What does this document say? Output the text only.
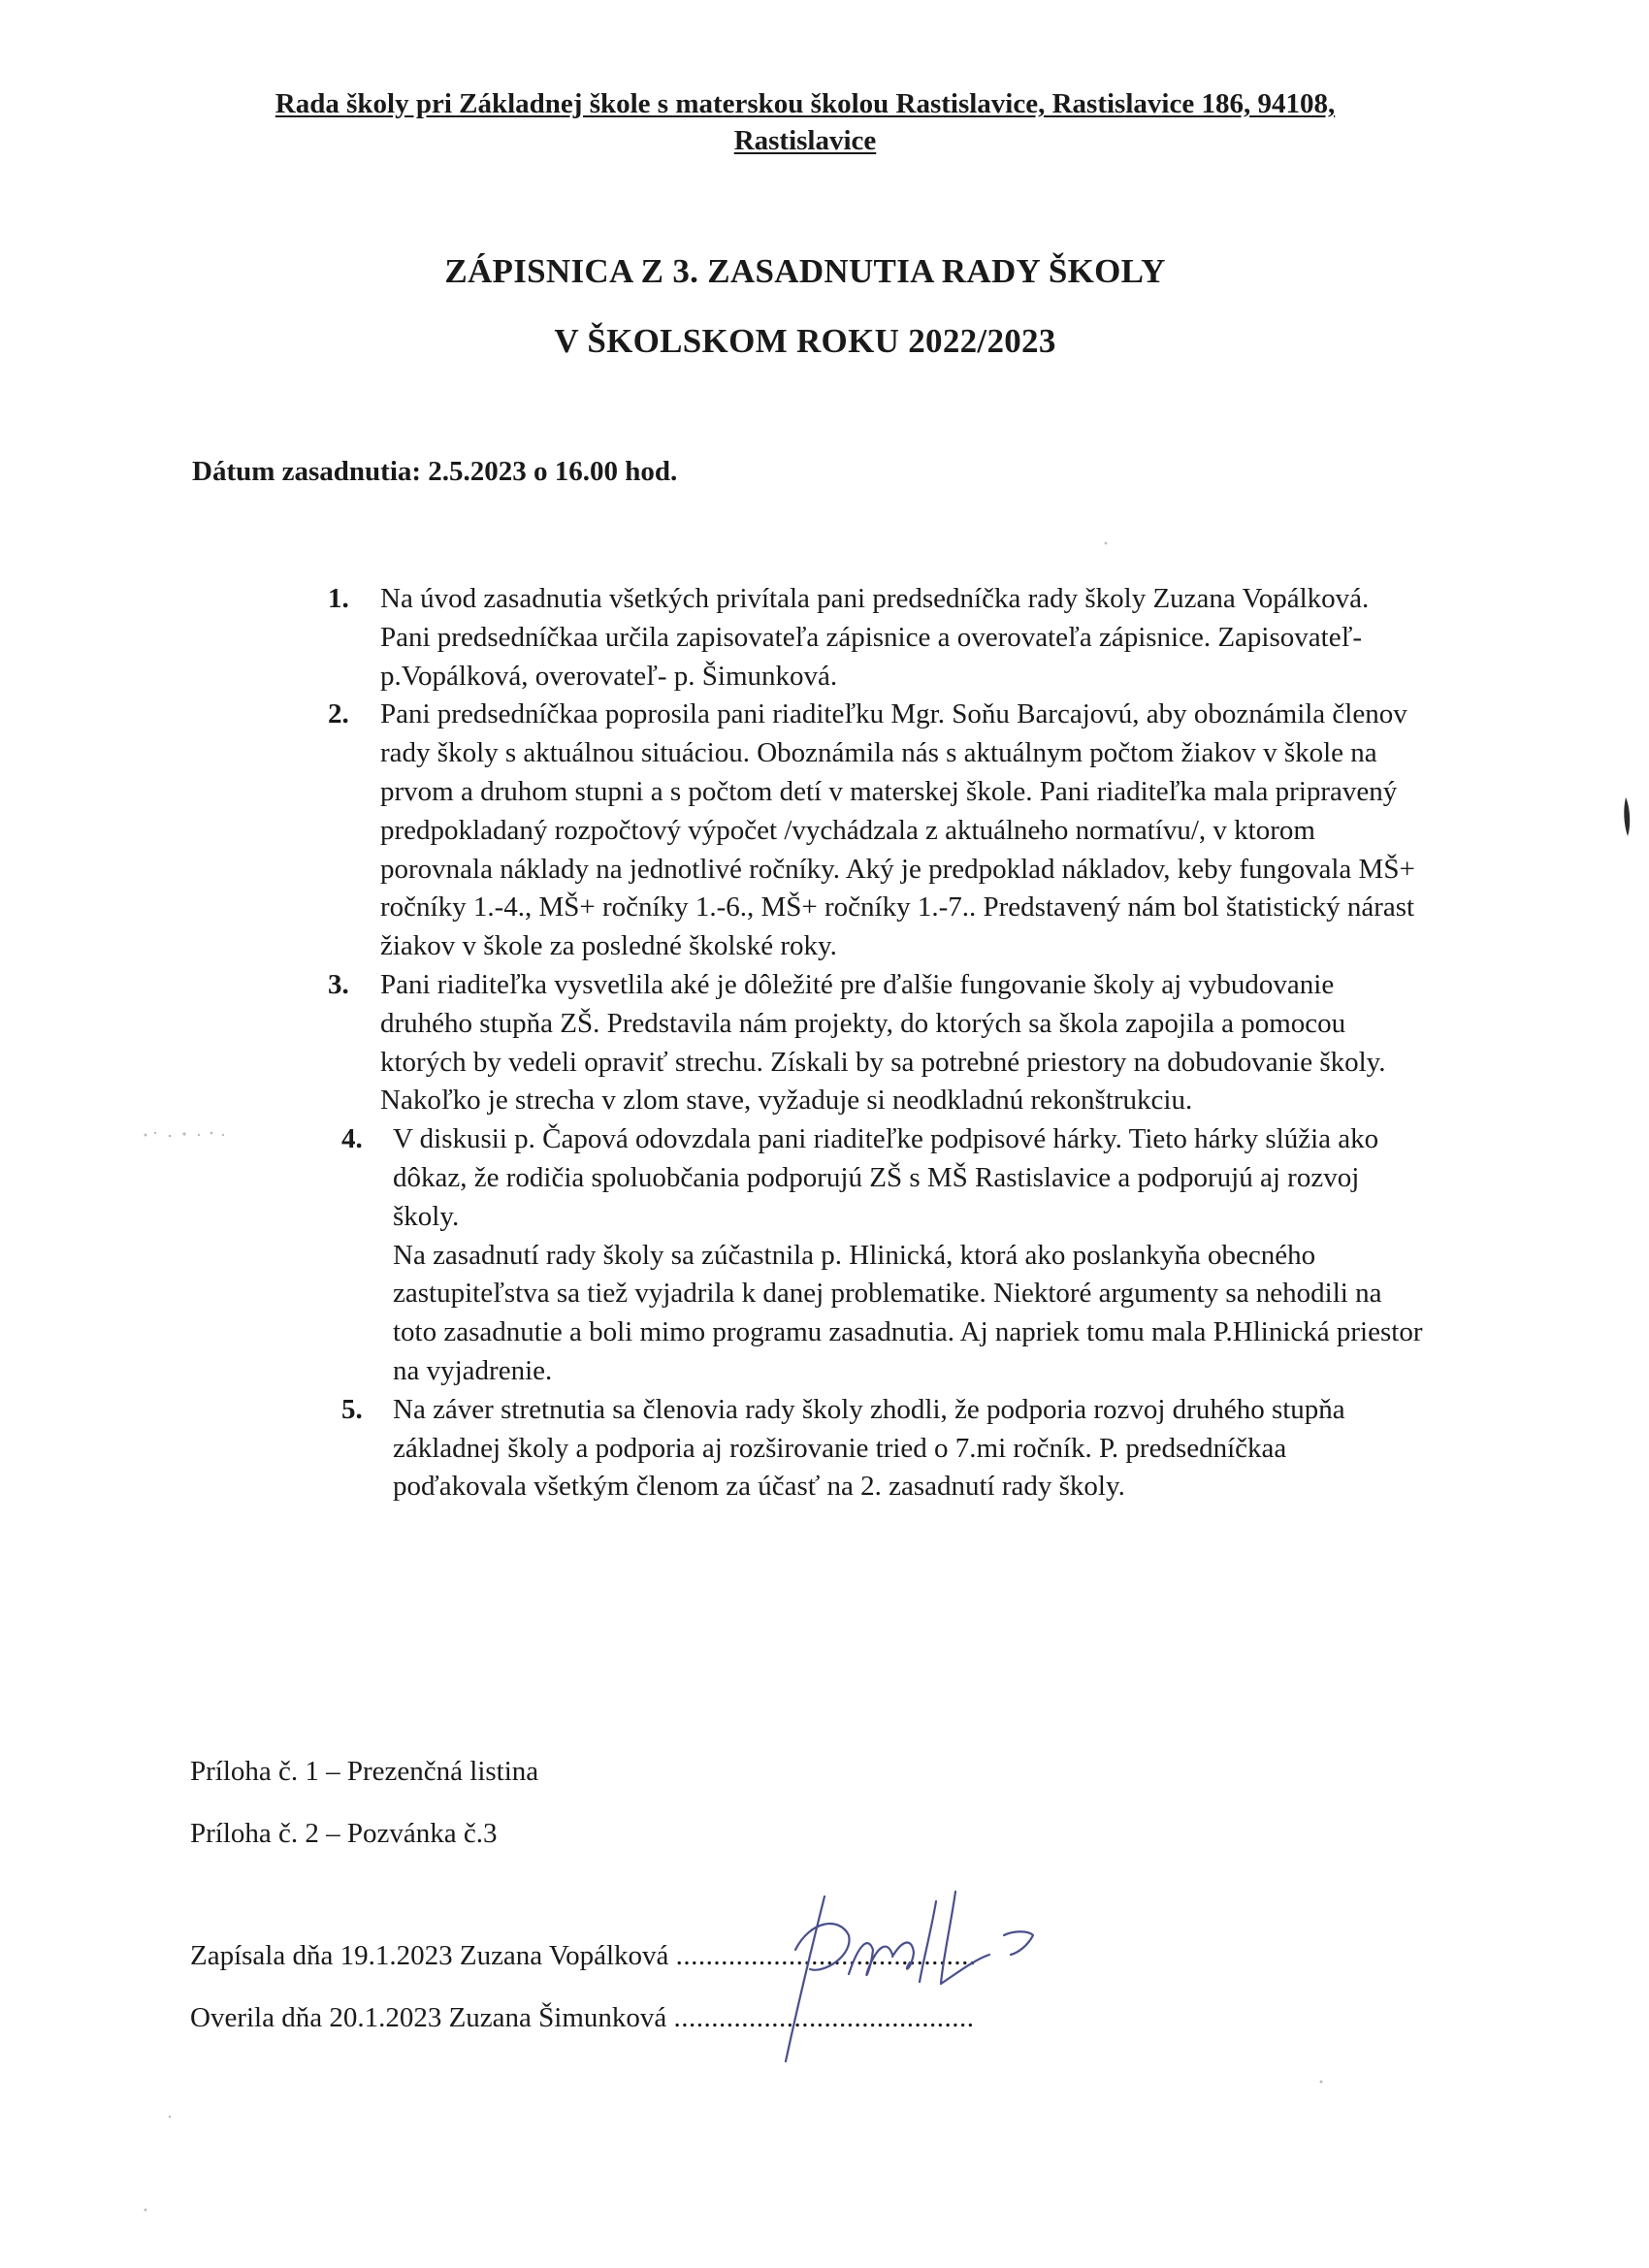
Rada školy pri Základnej škole s materskou školou Rastislavice, Rastislavice 186, 94108,
Rastislavice
ZÁPISNICA Z 3. ZASADNUTIA RADY ŠKOLY
V ŠKOLSKOM ROKU 2022/2023
Dátum zasadnutia: 2.5.2023 o 16.00 hod.
1. Na úvod zasadnutia všetkých privítala pani predsedníčka rady školy Zuzana Vopálková. Pani predsedníčkaa určila zapisovateľa zápisnice a overovateľa zápisnice. Zapisovateľ- p.Vopálková, overovateľ- p. Šimunková.
2. Pani predsedníčkaa poprosila pani riaditeľku Mgr. Soňu Barcajovú, aby oboznámila členov rady školy s aktuálnou situáciou. Oboznámila nás s aktuálnym počtom žiakov v škole na prvom a druhom stupni a s počtom detí v materskej škole. Pani riaditeľka mala pripravený predpokladaný rozpočtový výpočet /vychádzala z aktuálneho normatívu/, v ktorom porovnala náklady na jednotlivé ročníky. Aký je predpoklad nákladov, keby fungovala MŠ+ ročníky 1.-4., MŠ+ ročníky 1.-6., MŠ+ ročníky 1.-7.. Predstavený nám bol štatistický nárast žiakov v škole za posledné školské roky.
3. Pani riaditeľka vysvetlila aké je dôležité pre ďalšie fungovanie školy aj vybudovanie druhého stupňa ZŠ. Predstavila nám projekty, do ktorých sa škola zapojila a pomocou ktorých by vedeli opraviť strechu. Získali by sa potrebné priestory na dobudovanie školy. Nakoľko je strecha v zlom stave, vyžaduje si neodkladnú rekonštrukciu.
4. V diskusii p. Čapová odovzdala pani riaditeľke podpisové hárky. Tieto hárky slúžia ako dôkaz, že rodičia spoluobčania podporujú ZŠ s MŠ Rastislavice a podporujú aj rozvoj školy.
Na zasadnutí rady školy sa zúčastnila p. Hlinická, ktorá ako poslankyňa obecného zastupiteľstva sa tiež vyjadrila k danej problematike. Niektoré argumenty sa nehodili na toto zasadnutie a boli mimo programu zasadnutia. Aj napriek tomu mala P.Hlinická priestor na vyjadrenie.
5. Na záver stretnutia sa členovia rady školy zhodli, že podporia rozvoj druhého stupňa základnej školy a podporia aj rozširovanie tried o 7.mi ročník. P. predsedníčkaa poďakovala všetkým členom za účasť na 2. zasadnutí rady školy.
Príloha č. 1 – Prezenčná listina
Príloha č. 2 – Pozvánka č.3
Zapísala dňa 19.1.2023 Zuzana Vopálková ........................................
Overila dňa 20.1.2023 Zuzana Šimunková ........................................
